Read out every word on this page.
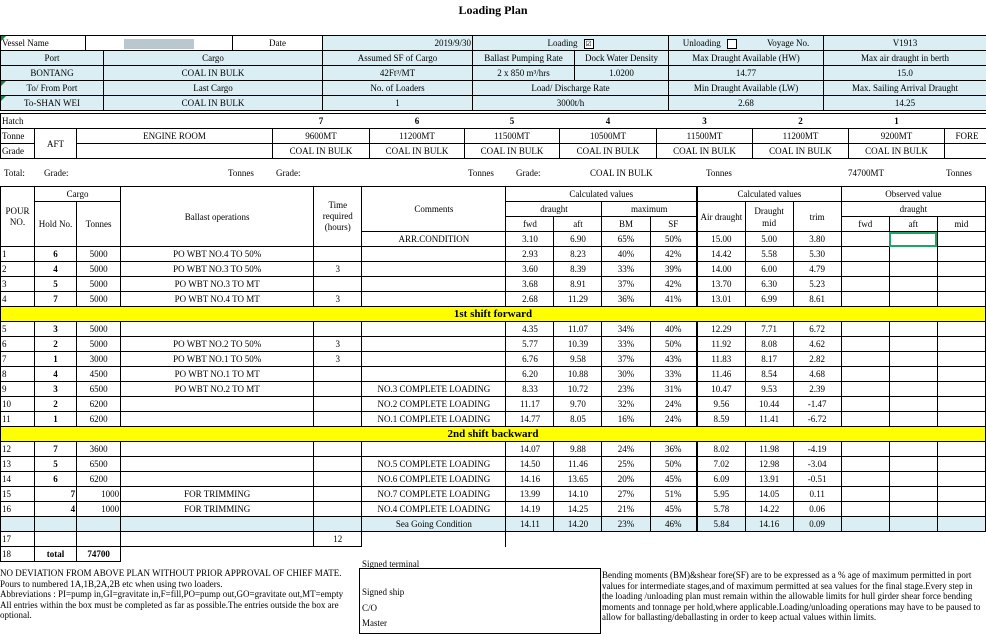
Loading Plan
Vessel Name			Date	2019/9/30	Loading ☑		Unloading Voyage No.	V1913
Port		Cargo		Assumed SF of Cargo	Ballast Pumping Rate	Dock Water Density	Max Draught Available (HW)	Max air draught in berth
BONTANG		COAL IN BULK		42Ft³/MT	2 x 850 m³/hrs	1.0200	14.77	15.0
To/ From Port		Last Cargo		No. of Loaders	Load/ Discharge Rate		Min Draught Available (LW)	Max. Sailing Arrival Draught
To-SHAN WEI		COAL IN BULK		1	3000t/h		2.68	14.25
Hatch			7	6	5	4	3	2	1		
Tonne	AFT	ENGINE ROOM	9600MT	11200MT	11500MT	10500MT	11500MT	11200MT	9200MT	FORE	
Grade			COAL IN BULK	COAL IN BULK	COAL IN BULK	COAL IN BULK	COAL IN BULK	COAL IN BULK	COAL IN BULK		

Total: Grade:	Tonnes Grade:	Tonnes Grade:	COAL IN BULK	Tonnes	74700MT	Tonnes
POUR NO.	Cargo		Ballast operations	Time required (hours)	Comments	Calculated values				Calculated values			Observed value		
	Hold No.	Tonnes				draught		maximum		Air draught	Draught mid	trim	draught		
						fwd	aft	BM	SF				fwd	aft	mid
					ARR.CONDITION	3.10	6.90	65%	50%	15.00	5.00	3.80			
1	6	5000	PO WBT NO.4 TO 50%			2.93	8.23	40%	42%	14.42	5.58	5.30			
2	4	5000	PO WBT NO.3 TO 50%	3		3.60	8.39	33%	39%	14.00	6.00	4.79			
3	5	5000	PO WBT NO.3 TO MT			3.68	8.91	37%	42%	13.70	6.30	5.23			
4	7	5000	PO WBT NO.4 TO MT	3		2.68	11.29	36%	41%	13.01	6.99	8.61			
1st shift forward															
5	3	5000				4.35	11.07	34%	40%	12.29	7.71	6.72			
6	2	5000	PO WBT NO.2 TO 50%	3		5.77	10.39	33%	50%	11.92	8.08	4.62			
7	1	3000	PO WBT NO.1 TO 50%	3		6.76	9.58	37%	43%	11.83	8.17	2.82			
8	4	4500	PO WBT NO.1 TO MT			6.20	10.88	30%	33%	11.46	8.54	4.68			
9	3	6500	PO WBT NO.2 TO MT		NO.3 COMPLETE LOADING	8.33	10.72	23%	31%	10.47	9.53	2.39			
10	2	6200			NO.2 COMPLETE LOADING	11.17	9.70	32%	24%	9.56	10.44	-1.47			
11	1	6200			NO.1 COMPLETE LOADING	14.77	8.05	16%	24%	8.59	11.41	-6.72			
2nd shift backward															
12	7	3600				14.07	9.88	24%	36%	8.02	11.98	-4.19			
13	5	6500			NO.5 COMPLETE LOADING	14.50	11.46	25%	50%	7.02	12.98	-3.04			
14	6	6200			NO.6 COMPLETE LOADING	14.16	13.65	20%	45%	6.09	13.91	-0.51			
15	7	1000	FOR TRIMMING		NO.7 COMPLETE LOADING	13.99	14.10	27%	51%	5.95	14.05	0.11			
16	4	1000	FOR TRIMMING		NO.4 COMPLETE LOADING	14.19	14.25	21%	45%	5.78	14.22	0.06			
					Sea Going Condition	14.11	14.20	23%	46%	5.84	14.16	0.09			
17				12											
18	total	74700													
NO DEVIATION FROM ABOVE PLAN WITHOUT PRIOR APPROVAL OF CHIEF MATE.
Pours to numbered 1A,1B,2A,2B etc when using two loaders.
Abbreviations : PI=pump in,GI=gravitate in,F=fill,PO=pump out,GO=gravitate out,MT=empty
All entries within the box must be completed as far as possible.The entries outside the box are optional.
Signed terminal
Signed ship
C/O
Master
Bending moments (BM)&shear fore(SF) are to be expressed as a % age of maximum permitted in port values for intermediate stages,and of maximum permitted at sea values for the final stage.Every step in the loading /unloading plan must remain within the allowable limits for hull girder shear force bending moments and tonnage per hold,where applicable.Loading/unloading operations may have to be paused to allow for ballasting/deballasting in order to keep actual values within limits.
